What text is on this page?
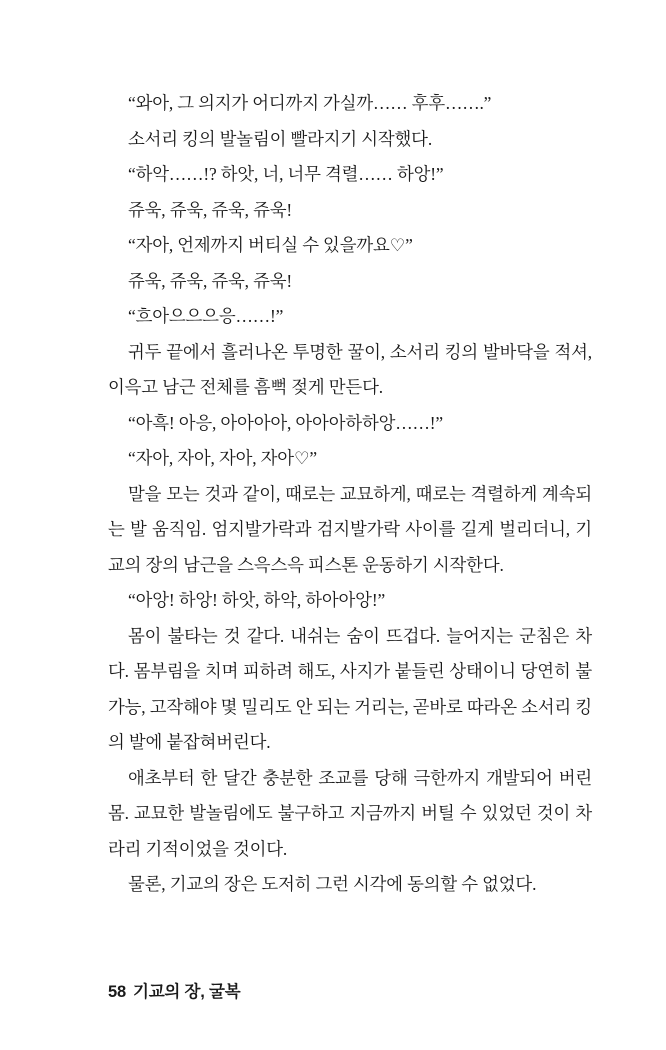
“와아, 그 의지가 어디까지 가실까…… 후후…….”

소서리 킹의 발놀림이 빨라지기 시작했다.

“하악……!? 하앗, 너, 너무 격렬…… 하앙!”

쥬욱, 쥬욱, 쥬욱, 쥬욱!

“자아, 언제까지 버티실 수 있을까요♡”

쥬욱, 쥬욱, 쥬욱, 쥬욱!

“흐아으으으응……!”

귀두 끝에서 흘러나온 투명한 꿀이, 소서리 킹의 발바닥을 적셔, 이윽고 남근 전체를 흠뻑 젖게 만든다.

“아흑! 아응, 아아아아, 아아아하하앙……!”

“자아, 자아, 자아, 자아♡”

말을 모는 것과 같이, 때로는 교묘하게, 때로는 격렬하게 계속되는 발 움직임. 엄지발가락과 검지발가락 사이를 길게 벌리더니, 기교의 장의 남근을 스윽스윽 피스톤 운동하기 시작한다.

“아앙! 하앙! 하앗, 하악, 하아아앙!”

몸이 불타는 것 같다. 내쉬는 숨이 뜨겁다. 늘어지는 군침은 차다. 몸부림을 치며 피하려 해도, 사지가 붙들린 상태이니 당연히 불가능, 고작해야 몇 밀리도 안 되는 거리는, 곧바로 따라온 소서리 킹의 발에 붙잡혀버린다.

애초부터 한 달간 충분한 조교를 당해 극한까지 개발되어 버린 몸. 교묘한 발놀림에도 불구하고 지금까지 버틸 수 있었던 것이 차라리 기적이었을 것이다.

물론, 기교의 장은 도저히 그런 시각에 동의할 수 없었다.

58 기교의 장, 굴복
